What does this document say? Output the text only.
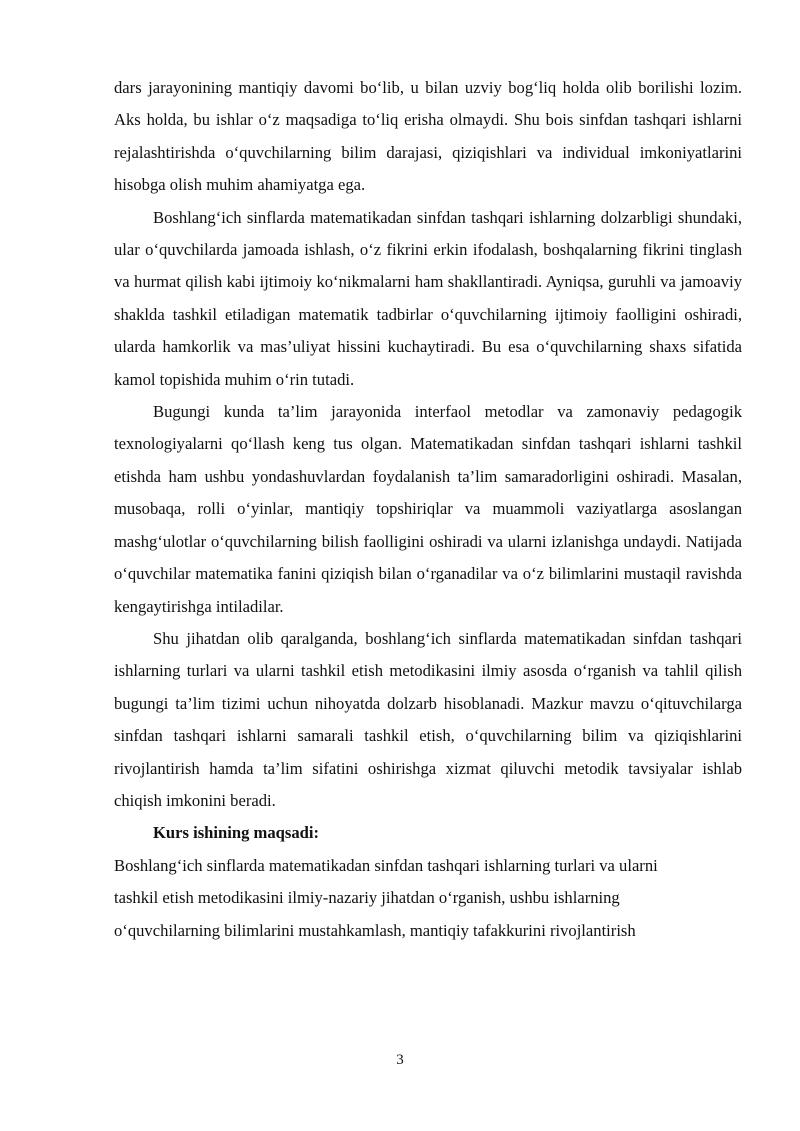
dars jarayonining mantiqiy davomi bo‘lib, u bilan uzviy bog‘liq holda olib borilishi lozim. Aks holda, bu ishlar o‘z maqsadiga to‘liq erisha olmaydi. Shu bois sinfdan tashqari ishlarni rejalashtirishda o‘quvchilarning bilim darajasi, qiziqishlari va individual imkoniyatlarini hisobga olish muhim ahamiyatga ega.

Boshlang‘ich sinflarda matematikadan sinfdan tashqari ishlarning dolzarbligi shundaki, ular o‘quvchilarda jamoada ishlash, o‘z fikrini erkin ifodalash, boshqalarning fikrini tinglash va hurmat qilish kabi ijtimoiy ko‘nikmalarni ham shakllantiradi. Ayniqsa, guruhli va jamoaviy shaklda tashkil etiladigan matematik tadbirlar o‘quvchilarning ijtimoiy faolligini oshiradi, ularda hamkorlik va mas’uliyat hissini kuchaytiradi. Bu esa o‘quvchilarning shaxs sifatida kamol topishida muhim o‘rin tutadi.

Bugungi kunda ta’lim jarayonida interfaol metodlar va zamonaviy pedagogik texnologiyalarni qo‘llash keng tus olgan. Matematikadan sinfdan tashqari ishlarni tashkil etishda ham ushbu yondashuvlardan foydalanish ta’lim samaradorligini oshiradi. Masalan, musobaqa, rolli o‘yinlar, mantiqiy topshiriqlar va muammoli vaziyatlarga asoslangan mashg‘ulotlar o‘quvchilarning bilish faolligini oshiradi va ularni izlanishga undaydi. Natijada o‘quvchilar matematika fanini qiziqish bilan o‘rganadilar va o‘z bilimlarini mustaqil ravishda kengaytirishga intiladilar.

Shu jihatdan olib qaralganda, boshlang‘ich sinflarda matematikadan sinfdan tashqari ishlarning turlari va ularni tashkil etish metodikasini ilmiy asosda o‘rganish va tahlil qilish bugungi ta’lim tizimi uchun nihoyatda dolzarb hisoblanadi. Mazkur mavzu o‘qituvchilarga sinfdan tashqari ishlarni samarali tashkil etish, o‘quvchilarning bilim va qiziqishlarini rivojlantirish hamda ta’lim sifatini oshirishga xizmat qiluvchi metodik tavsiyalar ishlab chiqish imkonini beradi.

Kurs ishining maqsadi:

Boshlang‘ich sinflarda matematikadan sinfdan tashqari ishlarning turlari va ularni
tashkil etish metodikasini ilmiy-nazariy jihatdan o‘rganish, ushbu ishlarning
o‘quvchilarning bilimlarini mustahkamlash, mantiqiy tafakkurini rivojlantirish
3
